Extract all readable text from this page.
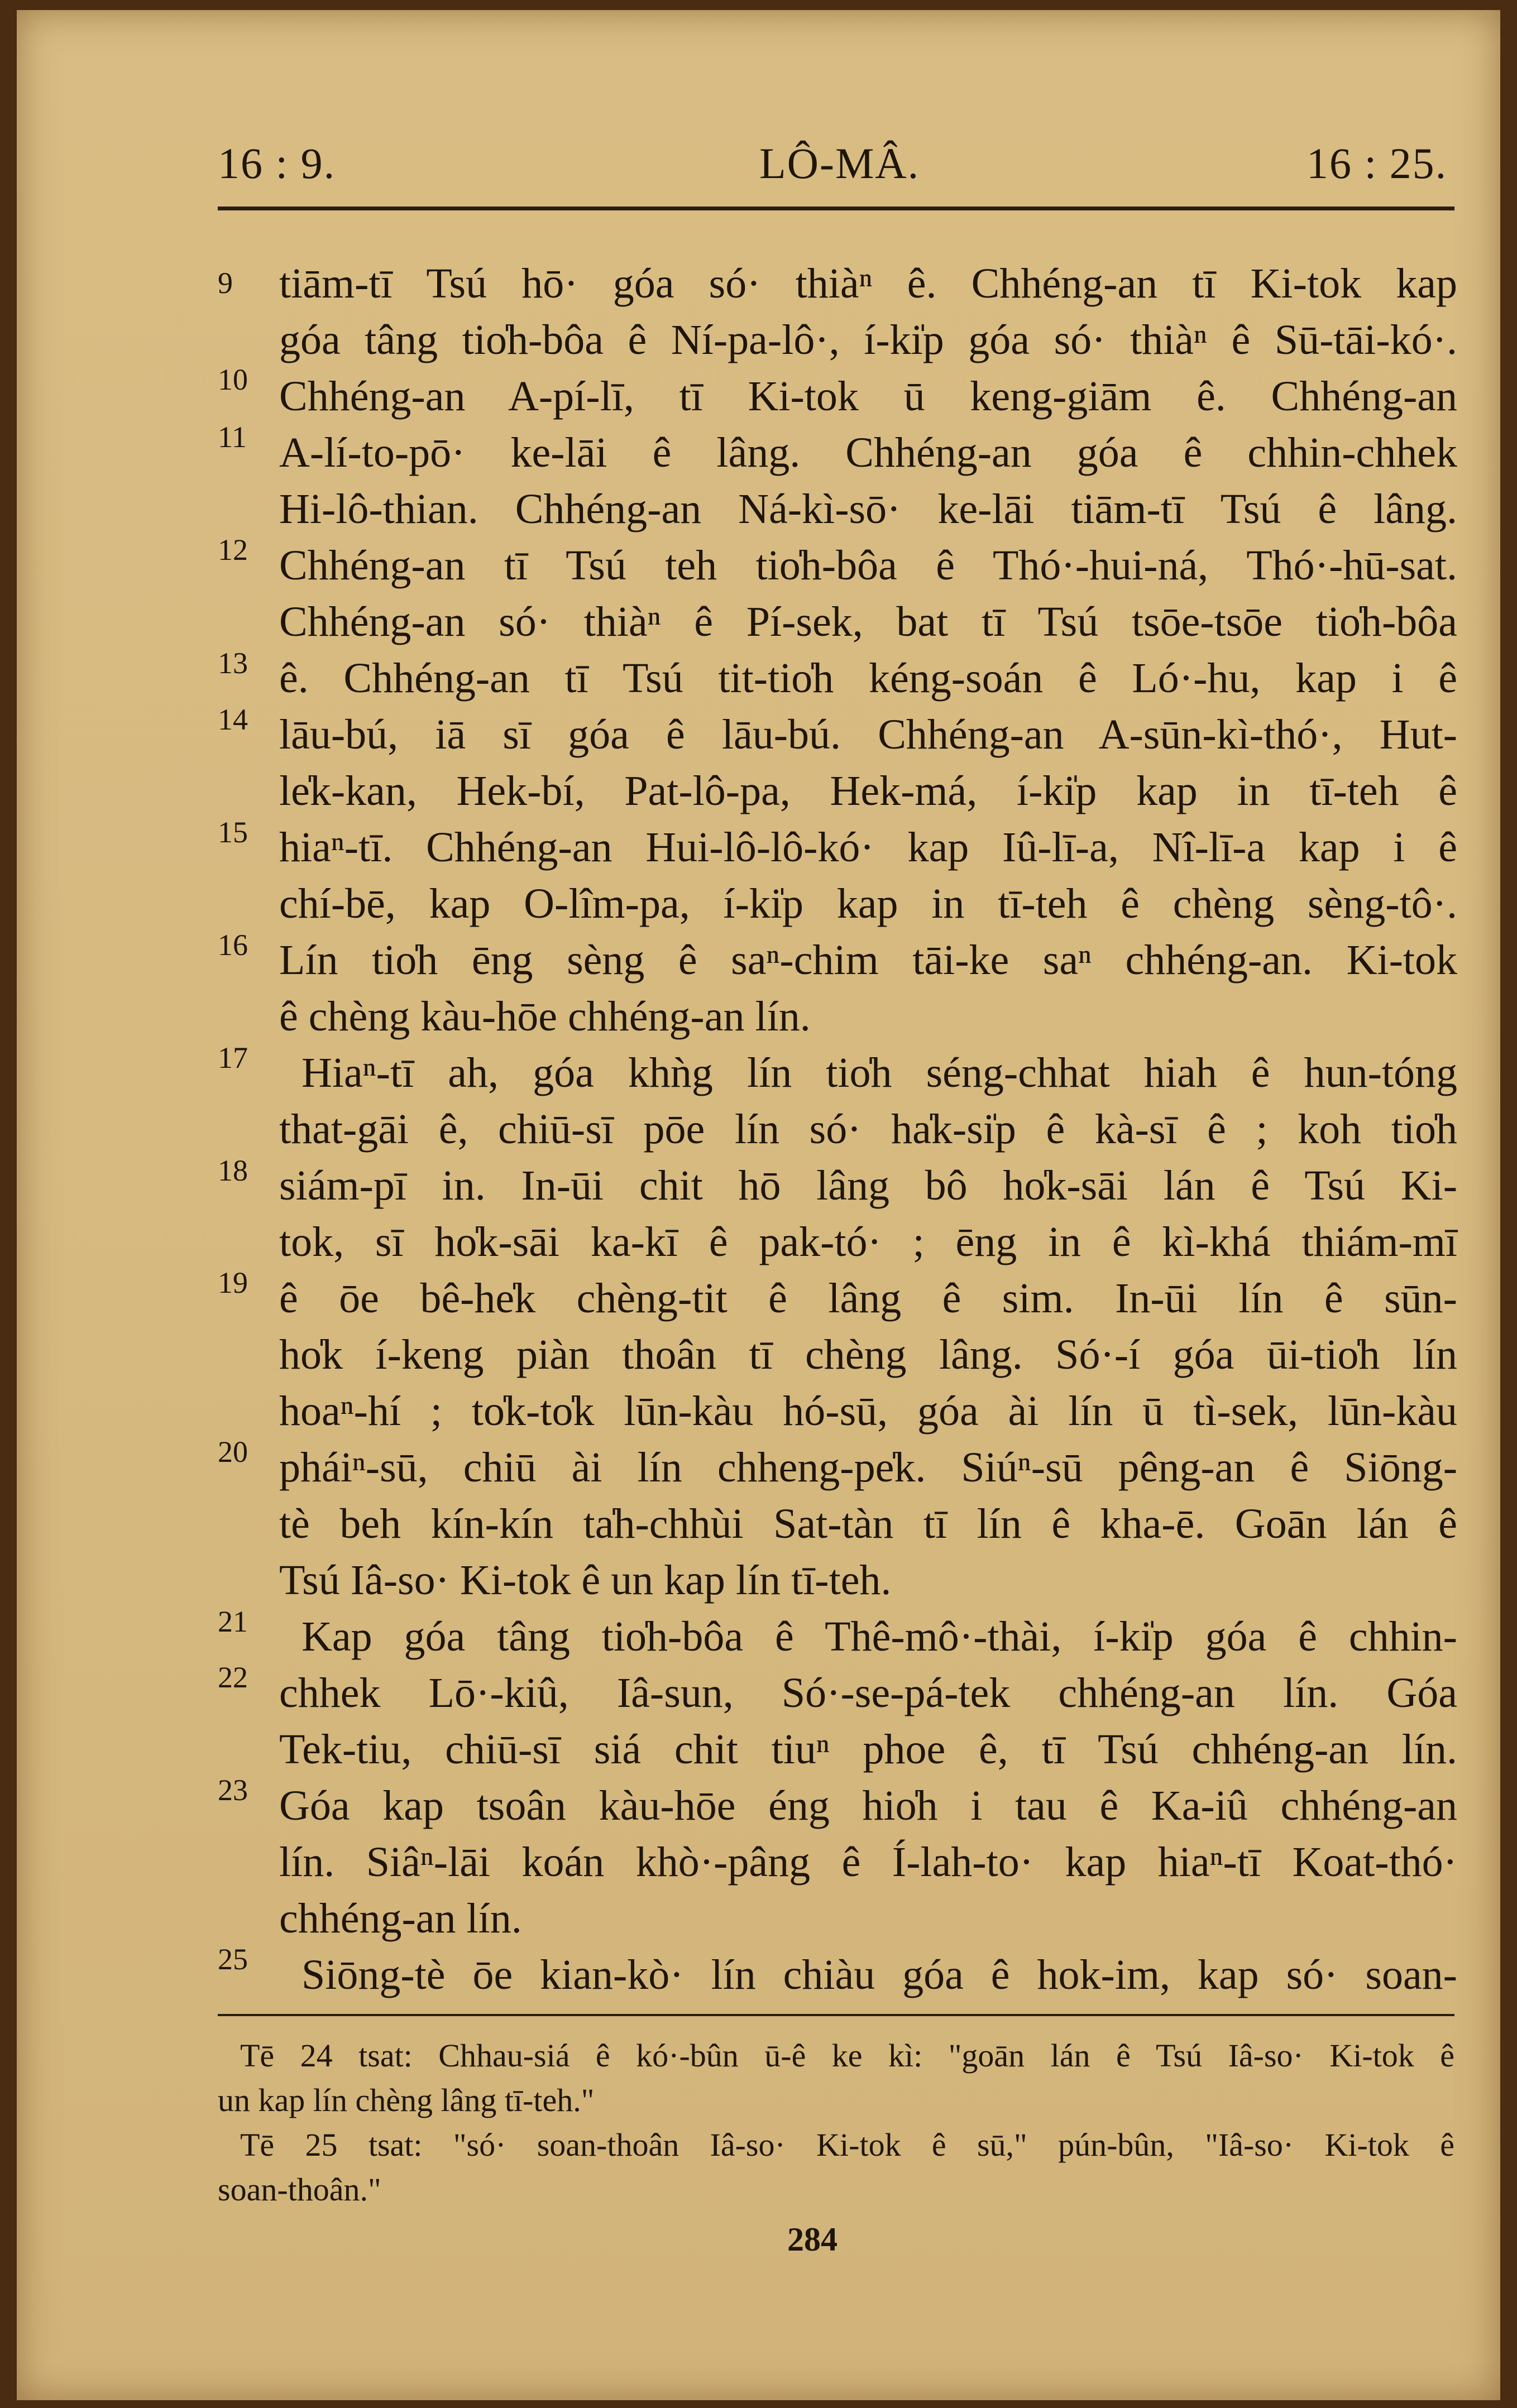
16 : 9.	LÔ-MÂ.	16 : 25.
9
10
11
12
13
14
15
16
17
18
19
20
21
22
23
25
tiām-tī Tsú hō· góa só· thiàⁿ ê. Chhéng-an tī Ki-tok kap
góa tâng tio̍h-bôa ê Ní-pa-lô·, í-ki̍p góa só· thiàⁿ ê Sū-tāi-kó·.
Chhéng-an A-pí-lī, tī Ki-tok ū keng-giām ê. Chhéng-an
A-lí-to-pō· ke-lāi ê lâng. Chhéng-an góa ê chhin-chhek
Hi-lô-thian. Chhéng-an Ná-kì-sō· ke-lāi tiām-tī Tsú ê lâng.
Chhéng-an tī Tsú teh tio̍h-bôa ê Thó·-hui-ná, Thó·-hū-sat.
Chhéng-an só· thiàⁿ ê Pí-sek, bat tī Tsú tsōe-tsōe tio̍h-bôa
ê. Chhéng-an tī Tsú tit-tio̍h kéng-soán ê Ló·-hu, kap i ê
lāu-bú, iā sī góa ê lāu-bú. Chhéng-an A-sūn-kì-thó·, Hut-
le̍k-kan, Hek-bí, Pat-lô-pa, Hek-má, í-ki̍p kap in tī-teh ê
hiaⁿ-tī. Chhéng-an Hui-lô-lô-kó· kap Iû-lī-a, Nî-lī-a kap i ê
chí-bē, kap O-lîm-pa, í-ki̍p kap in tī-teh ê chèng sèng-tô·.
Lín tio̍h ēng sèng ê saⁿ-chim tāi-ke saⁿ chhéng-an. Ki-tok
ê chèng kàu-hōe chhéng-an lín.
Hiaⁿ-tī ah, góa khǹg lín tio̍h séng-chhat hiah ê hun-tóng
that-gāi ê, chiū-sī pōe lín só· ha̍k-si̍p ê kà-sī ê ; koh tio̍h
siám-pī in. In-ūi chit hō lâng bô ho̍k-sāi lán ê Tsú Ki-
tok, sī ho̍k-sāi ka-kī ê pak-tó· ; ēng in ê kì-khá thiám-mī
ê ōe bê-he̍k chèng-tit ê lâng ê sim. In-ūi lín ê sūn-
ho̍k í-keng piàn thoân tī chèng lâng. Só·-í góa ūi-tio̍h lín
hoaⁿ-hí ; to̍k-to̍k lūn-kàu hó-sū, góa ài lín ū tì-sek, lūn-kàu
pháiⁿ-sū, chiū ài lín chheng-pe̍k. Siúⁿ-sū pêng-an ê Siōng-
tè beh kín-kín ta̍h-chhùi Sat-tàn tī lín ê kha-ē. Goān lán ê
Tsú Iâ-so· Ki-tok ê un kap lín tī-teh.
Kap góa tâng tio̍h-bôa ê Thê-mô·-thài, í-ki̍p góa ê chhin-
chhek Lō·-kiû, Iâ-sun, Só·-se-pá-tek chhéng-an lín. Góa
Tek-tiu, chiū-sī siá chit tiuⁿ phoe ê, tī Tsú chhéng-an lín.
Góa kap tsoân kàu-hōe éng hio̍h i tau ê Ka-iû chhéng-an
lín. Siâⁿ-lāi koán khò·-pâng ê Í-lah-to· kap hiaⁿ-tī Koat-thó·
chhéng-an lín.
Siōng-tè ōe kian-kò· lín chiàu góa ê hok-im, kap só· soan-
Tē 24 tsat: Chhau-siá ê kó·-bûn ū-ê ke kì: "goān lán ê Tsú Iâ-so· Ki-tok ê
un kap lín chèng lâng tī-teh."
Tē 25 tsat: "só· soan-thoân Iâ-so· Ki-tok ê sū," pún-bûn, "Iâ-so· Ki-tok ê
soan-thoân."
284
